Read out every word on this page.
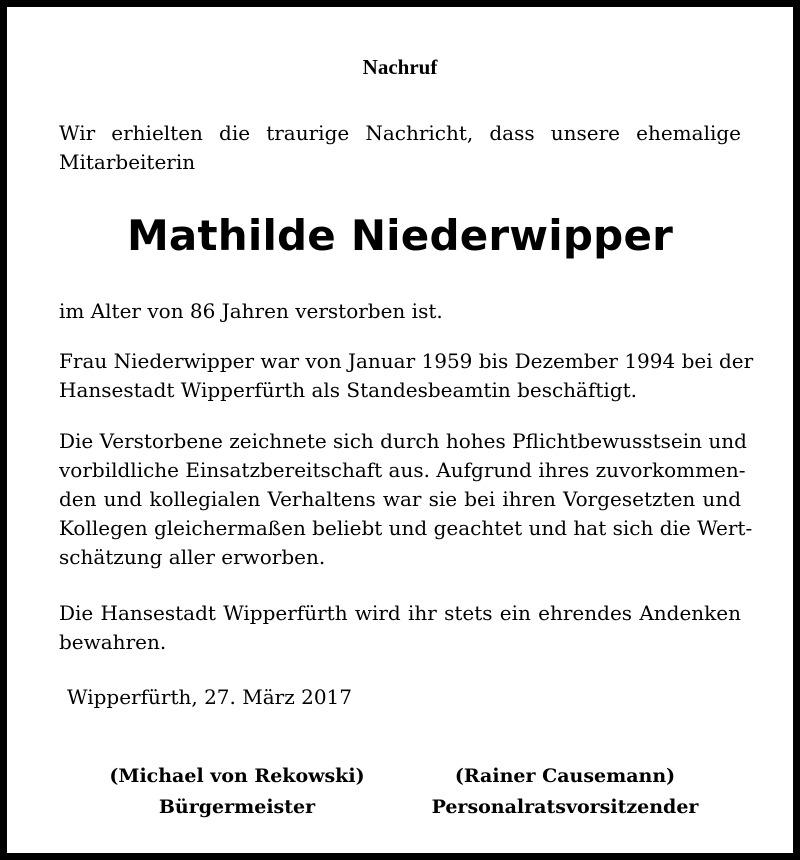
Nachruf
Wir erhielten die traurige Nachricht, dass unsere ehemalige
Mitarbeiterin
Mathilde Niederwipper
im Alter von 86 Jahren verstorben ist.
Frau Niederwipper war von Januar 1959 bis Dezember 1994 bei der
Hansestadt Wipperfürth als Standesbeamtin beschäftigt.
Die Verstorbene zeichnete sich durch hohes Pflichtbewusstsein und
vorbildliche Einsatzbereitschaft aus. Aufgrund ihres zuvorkommen-
den und kollegialen Verhaltens war sie bei ihren Vorgesetzten und
Kollegen gleichermaßen beliebt und geachtet und hat sich die Wert-
schätzung aller erworben.
Die Hansestadt Wipperfürth wird ihr stets ein ehrendes Andenken
bewahren.
Wipperfürth, 27. März 2017
(Michael von Rekowski)
Bürgermeister
(Rainer Causemann)
Personalratsvorsitzender
